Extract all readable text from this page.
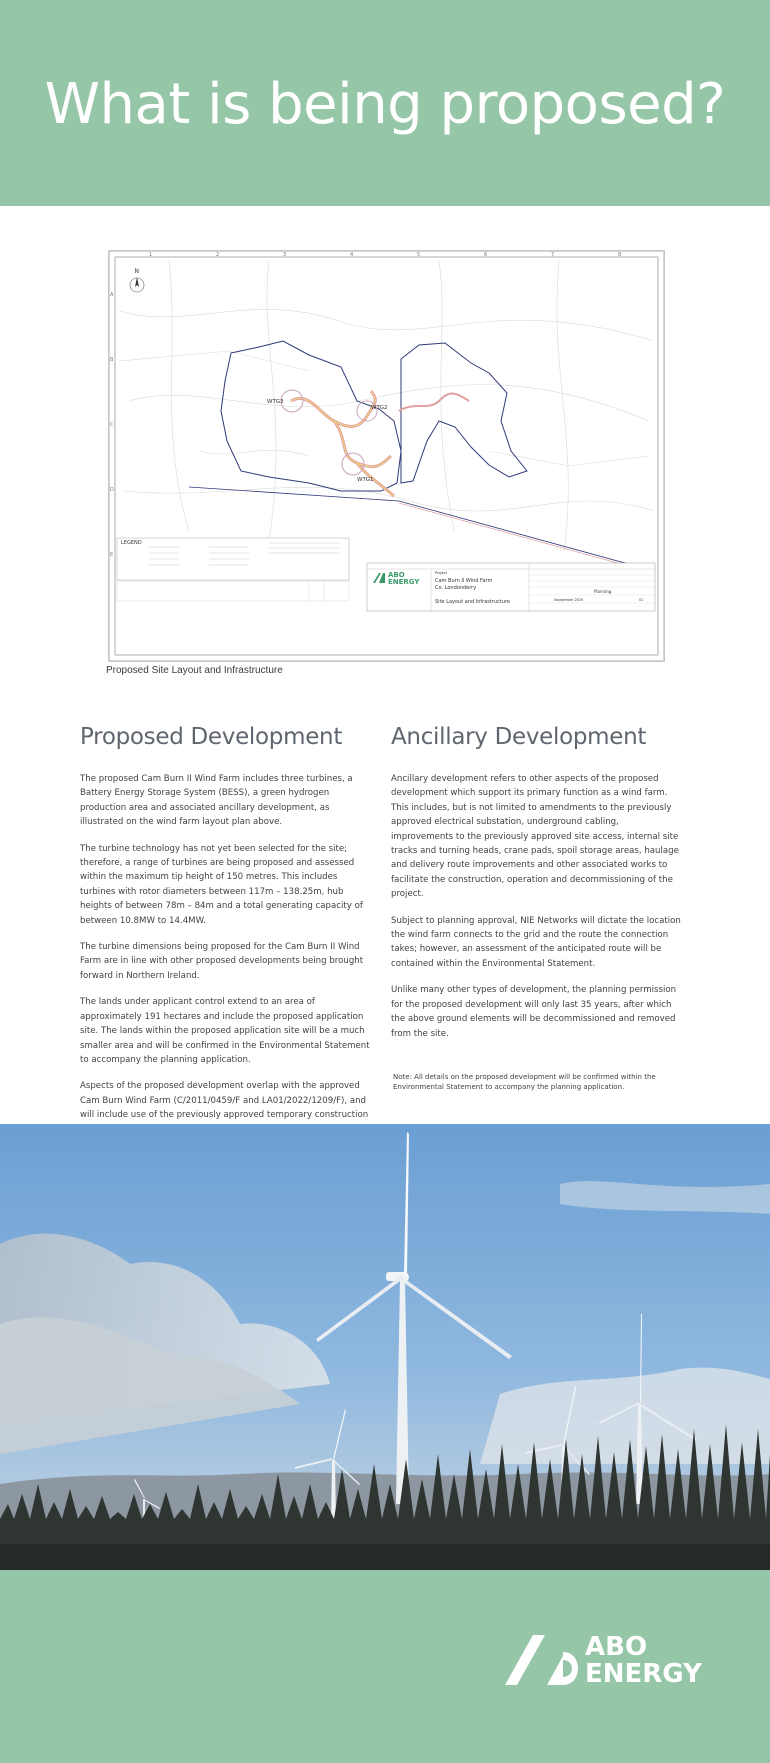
What is being proposed?
1	2	3	4	5	6	7	8
A
B
C
D
E
N
WTG3
WTG2
WTG1
LEGEND
ABO
ENERGY
Project
Cam Burn II Wind Farm
Co. Londonderry
Site Layout and Infrastructure
Planning
September 2025	01
Proposed Site Layout and Infrastructure
Proposed Development

The proposed Cam Burn II Wind Farm includes three turbines, a Battery Energy Storage System (BESS), a green hydrogen production area and associated ancillary development, as illustrated on the wind farm layout plan above.

The turbine technology has not yet been selected for the site; therefore, a range of turbines are being proposed and assessed within the maximum tip height of 150 metres. This includes turbines with rotor diameters between 117m – 138.25m, hub heights of between 78m – 84m and a total generating capacity of between 10.8MW to 14.4MW.

The turbine dimensions being proposed for the Cam Burn II Wind Farm are in line with other proposed developments being brought forward in Northern Ireland.

The lands under applicant control extend to an area of approximately 191 hectares and include the proposed application site. The lands within the proposed application site will be a much smaller area and will be confirmed in the Environmental Statement to accompany the planning application.

Aspects of the proposed development overlap with the approved Cam Burn Wind Farm (C/2011/0459/F and LA01/2022/1209/F), and will include use of the previously approved temporary construction

Ancillary Development

Ancillary development refers to other aspects of the proposed development which support its primary function as a wind farm. This includes, but is not limited to amendments to the previously approved electrical substation, underground cabling, improvements to the previously approved site access, internal site tracks and turning heads, crane pads, spoil storage areas, haulage and delivery route improvements and other associated works to facilitate the construction, operation and decommissioning of the project.

Subject to planning approval, NIE Networks will dictate the location the wind farm connects to the grid and the route the connection takes; however, an assessment of the anticipated route will be contained within the Environmental Statement.

Unlike many other types of development, the planning permission for the proposed development will only last 35 years, after which the above ground elements will be decommissioned and removed from the site.

Note: All details on the proposed development will be confirmed within the Environmental Statement to accompany the planning application.
ABO
ENERGY
